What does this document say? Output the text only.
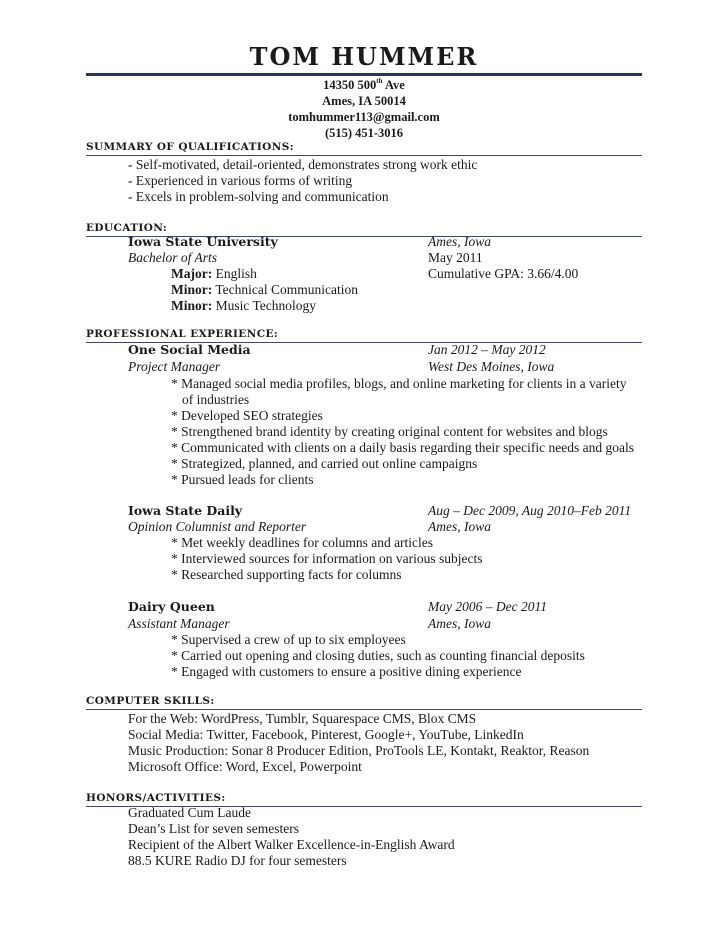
TOM HUMMER
14350 500th Ave
Ames, IA 50014
tomhummer113@gmail.com
(515) 451-3016
SUMMARY OF QUALIFICATIONS:
- Self-motivated, detail-oriented, demonstrates strong work ethic
- Experienced in various forms of writing
- Excels in problem-solving and communication
EDUCATION:
Iowa State University	Ames, Iowa
Bachelor of Arts	May 2011
Major: English	Cumulative GPA: 3.66/4.00
Minor: Technical Communication
Minor: Music Technology
PROFESSIONAL EXPERIENCE:
One Social Media	Jan 2012 – May 2012
Project Manager	West Des Moines, Iowa
* Managed social media profiles, blogs, and online marketing for clients in a variety
of industries
* Developed SEO strategies
* Strengthened brand identity by creating original content for websites and blogs
* Communicated with clients on a daily basis regarding their specific needs and goals
* Strategized, planned, and carried out online campaigns
* Pursued leads for clients
Iowa State Daily	Aug – Dec 2009, Aug 2010–Feb 2011
Opinion Columnist and Reporter	Ames, Iowa
* Met weekly deadlines for columns and articles
* Interviewed sources for information on various subjects
* Researched supporting facts for columns
Dairy Queen	May 2006 – Dec 2011
Assistant Manager	Ames, Iowa
* Supervised a crew of up to six employees
* Carried out opening and closing duties, such as counting financial deposits
* Engaged with customers to ensure a positive dining experience
COMPUTER SKILLS:
For the Web: WordPress, Tumblr, Squarespace CMS, Blox CMS
Social Media: Twitter, Facebook, Pinterest, Google+, YouTube, LinkedIn
Music Production: Sonar 8 Producer Edition, ProTools LE, Kontakt, Reaktor, Reason
Microsoft Office: Word, Excel, Powerpoint
HONORS/ACTIVITIES:
Graduated Cum Laude
Dean’s List for seven semesters
Recipient of the Albert Walker Excellence-in-English Award
88.5 KURE Radio DJ for four semesters
